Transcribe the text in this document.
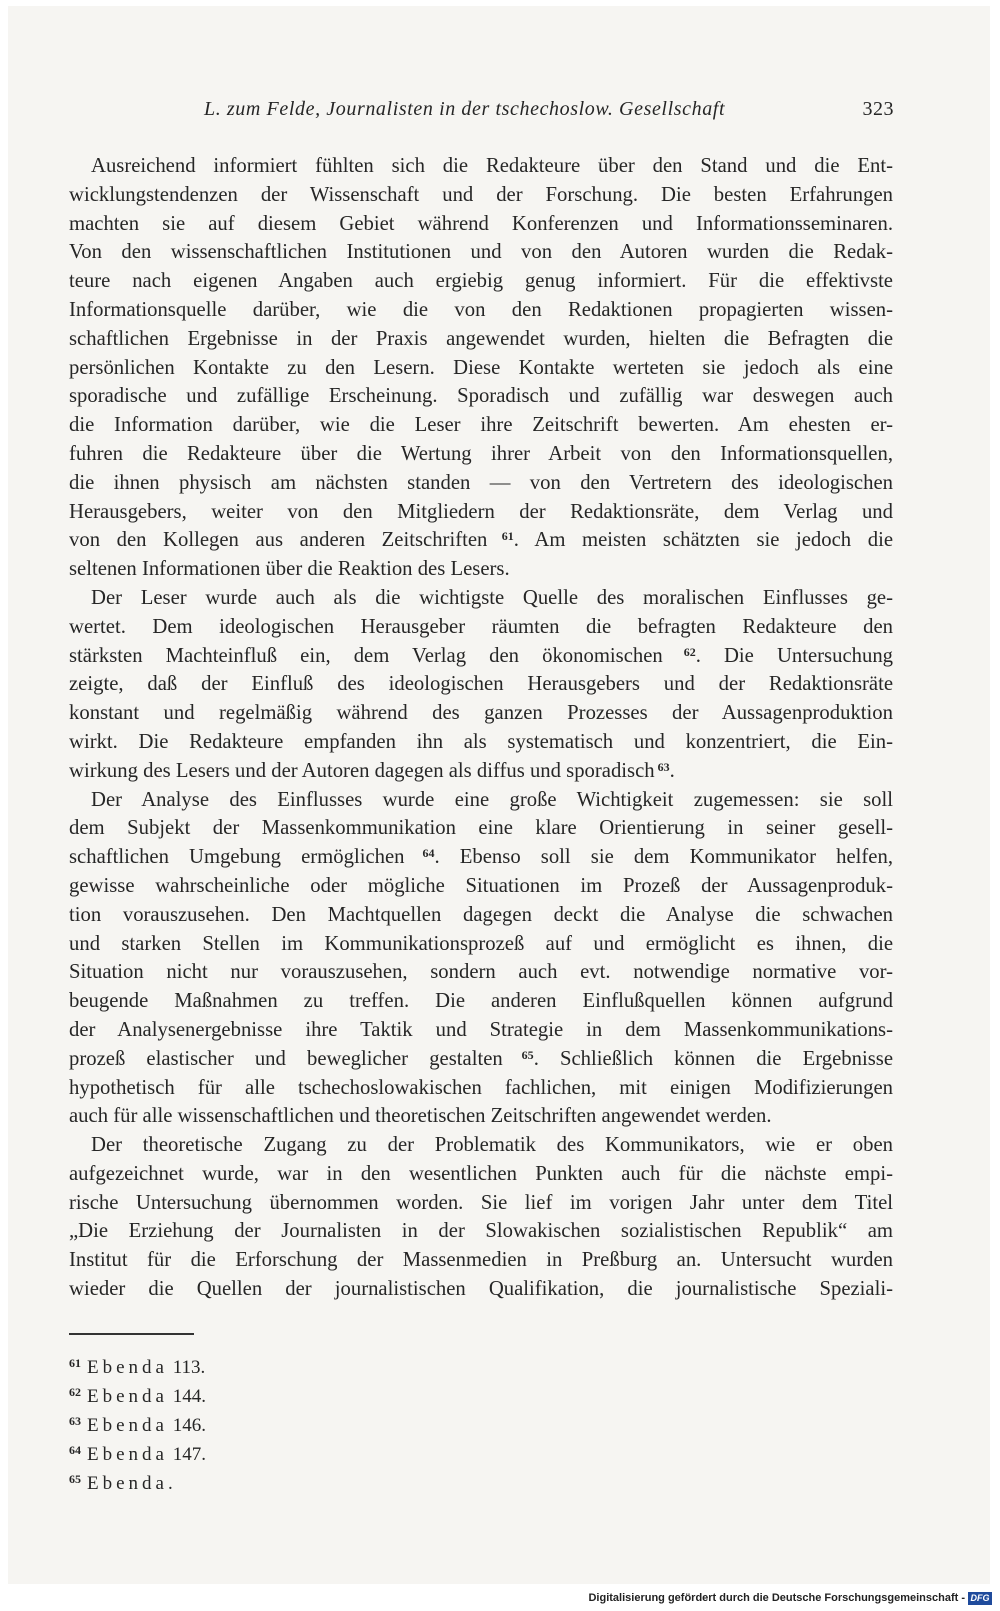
L. zum Felde, Journalisten in der tschechoslow. Gesellschaft	323
Ausreichend informiert fühlten sich die Redakteure über den Stand und die Ent-
wicklungstendenzen der Wissenschaft und der Forschung. Die besten Erfahrungen
machten sie auf diesem Gebiet während Konferenzen und Informationsseminaren.
Von den wissenschaftlichen Institutionen und von den Autoren wurden die Redak-
teure nach eigenen Angaben auch ergiebig genug informiert. Für die effektivste
Informationsquelle darüber, wie die von den Redaktionen propagierten wissen-
schaftlichen Ergebnisse in der Praxis angewendet wurden, hielten die Befragten die
persönlichen Kontakte zu den Lesern. Diese Kontakte werteten sie jedoch als eine
sporadische und zufällige Erscheinung. Sporadisch und zufällig war deswegen auch
die Information darüber, wie die Leser ihre Zeitschrift bewerten. Am ehesten er-
fuhren die Redakteure über die Wertung ihrer Arbeit von den Informationsquellen,
die ihnen physisch am nächsten standen — von den Vertretern des ideologischen
Herausgebers, weiter von den Mitgliedern der Redaktionsräte, dem Verlag und
von den Kollegen aus anderen Zeitschriften $^{61}$. Am meisten schätzten sie jedoch die
seltenen Informationen über die Reaktion des Lesers.
Der Leser wurde auch als die wichtigste Quelle des moralischen Einflusses ge-
wertet. Dem ideologischen Herausgeber räumten die befragten Redakteure den
stärksten Machteinfluß ein, dem Verlag den ökonomischen $^{62}$. Die Untersuchung
zeigte, daß der Einfluß des ideologischen Herausgebers und der Redaktionsräte
konstant und regelmäßig während des ganzen Prozesses der Aussagenproduktion
wirkt. Die Redakteure empfanden ihn als systematisch und konzentriert, die Ein-
wirkung des Lesers und der Autoren dagegen als diffus und sporadisch $^{63}$.
Der Analyse des Einflusses wurde eine große Wichtigkeit zugemessen: sie soll
dem Subjekt der Massenkommunikation eine klare Orientierung in seiner gesell-
schaftlichen Umgebung ermöglichen $^{64}$. Ebenso soll sie dem Kommunikator helfen,
gewisse wahrscheinliche oder mögliche Situationen im Prozeß der Aussagenproduk-
tion vorauszusehen. Den Machtquellen dagegen deckt die Analyse die schwachen
und starken Stellen im Kommunikationsprozeß auf und ermöglicht es ihnen, die
Situation nicht nur vorauszusehen, sondern auch evt. notwendige normative vor-
beugende Maßnahmen zu treffen. Die anderen Einflußquellen können aufgrund
der Analysenergebnisse ihre Taktik und Strategie in dem Massenkommunikations-
prozeß elastischer und beweglicher gestalten $^{65}$. Schließlich können die Ergebnisse
hypothetisch für alle tschechoslowakischen fachlichen, mit einigen Modifizierungen
auch für alle wissenschaftlichen und theoretischen Zeitschriften angewendet werden.
Der theoretische Zugang zu der Problematik des Kommunikators, wie er oben
aufgezeichnet wurde, war in den wesentlichen Punkten auch für die nächste empi-
rische Untersuchung übernommen worden. Sie lief im vorigen Jahr unter dem Titel
„Die Erziehung der Journalisten in der Slowakischen sozialistischen Republik“ am
Institut für die Erforschung der Massenmedien in Preßburg an. Untersucht wurden
wieder die Quellen der journalistischen Qualifikation, die journalistische Speziali-
$^{61}$ Ebenda 113.
$^{62}$ Ebenda 144.
$^{63}$ Ebenda 146.
$^{64}$ Ebenda 147.
$^{65}$ Ebenda.
Digitalisierung gefördert durch die Deutsche Forschungsgemeinschaft - DFG
